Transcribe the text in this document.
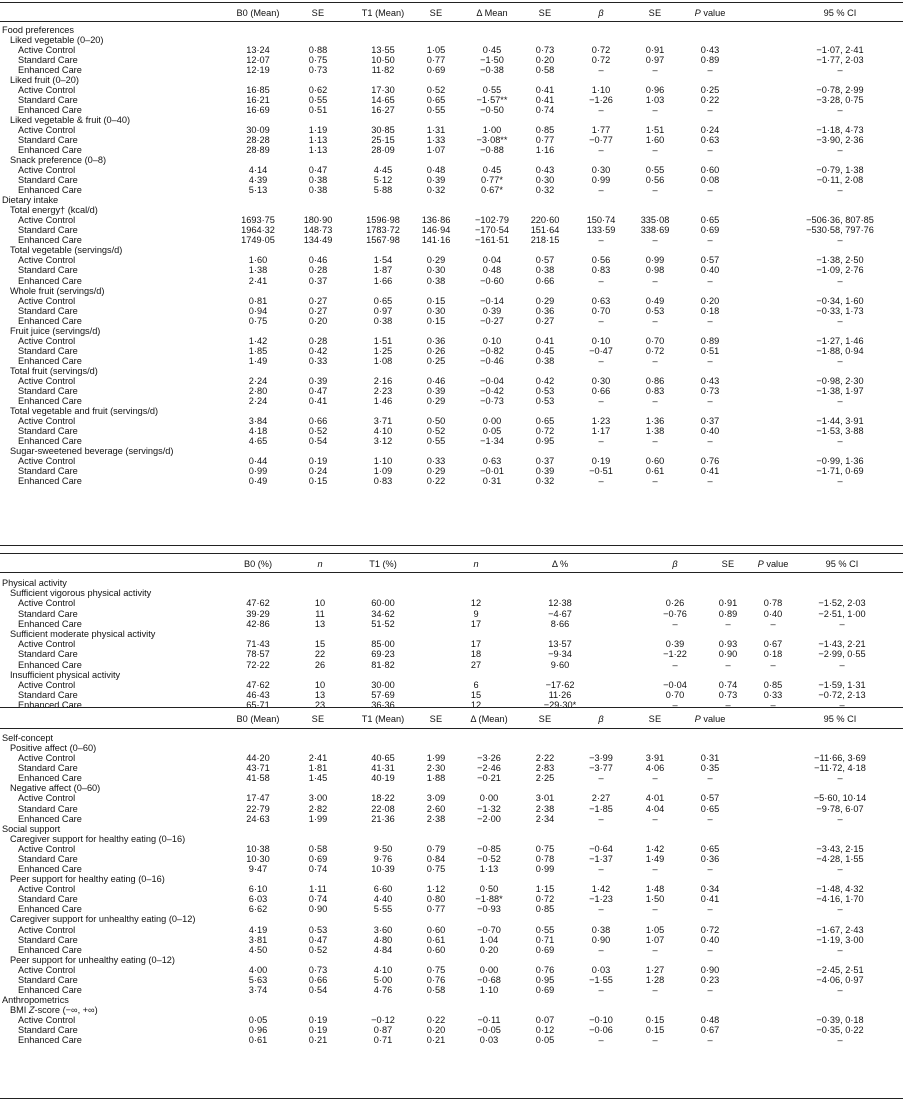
B0 (Mean)	SE	T1 (Mean)	SE	Δ Mean	SE	β	SE	P value	95 % CI
Food preferences
Liked vegetable (0–20)
Active Control	13·24	0·88	13·55	1·05	0·45	0·73	0·72	0·91	0·43	−1·07, 2·41
Standard Care	12·07	0·75	10·50	0·77	−1·50	0·20	0·72	0·97	0·89	−1·77, 2·03
Enhanced Care	12·19	0·73	11·82	0·69	−0·38	0·58	–	–	–	–
Liked fruit (0–20)
Active Control	16·85	0·62	17·30	0·52	0·55	0·41	1·10	0·96	0·25	−0·78, 2·99
Standard Care	16·21	0·55	14·65	0·65	−1·57**	0·41	−1·26	1·03	0·22	−3·28, 0·75
Enhanced Care	16·69	0·51	16·27	0·55	−0·50	0·74	–	–	–	–
Liked vegetable & fruit (0–40)
Active Control	30·09	1·19	30·85	1·31	1·00	0·85	1·77	1·51	0·24	−1·18, 4·73
Standard Care	28·28	1·13	25·15	1·33	−3·08**	0·77	−0·77	1·60	0·63	−3·90, 2·36
Enhanced Care	28·89	1·13	28·09	1·07	−0·88	1·16	–	–	–	–
Snack preference (0–8)
Active Control	4·14	0·47	4·45	0·48	0·45	0·43	0·30	0·55	0·60	−0·79, 1·38
Standard Care	4·39	0·38	5·12	0·39	0·77*	0·30	0·99	0·56	0·08	−0·11, 2·08
Enhanced Care	5·13	0·38	5·88	0·32	0·67*	0·32	–	–	–	–
Dietary intake
Total energy† (kcal/d)
Active Control	1693·75	180·90	1596·98 136·86	−102·79 220·60	150·74	335·08	0·65	−506·36, 807·85
Standard Care	1964·32	148·73	1783·72 146·94	−170·54 151·64	133·59	338·69	0·69	−530·58, 797·76
Enhanced Care	1749·05	134·49	1567·98 141·16	−161·51 218·15	–	–	–	–
Total vegetable (servings/d)
Active Control	1·60	0·46	1·54	0·29	0·04	0·57	0·56	0·99	0·57	−1·38, 2·50
Standard Care	1·38	0·28	1·87	0·30	0·48	0·38	0·83	0·98	0·40	−1·09, 2·76
Enhanced Care	2·41	0·37	1·66	0·38	−0·60	0·66	–	–	–	–
Whole fruit (servings/d)
Active Control	0·81	0·27	0·65	0·15	−0·14	0·29	0·63	0·49	0·20	−0·34, 1·60
Standard Care	0·94	0·27	0·97	0·30	0·39	0·36	0·70	0·53	0·18	−0·33, 1·73
Enhanced Care	0·75	0·20	0·38	0·15	−0·27	0·27	–	–	–	–
Fruit juice (servings/d)
Active Control	1·42	0·28	1·51	0·36	0·10	0·41	0·10	0·70	0·89	−1·27, 1·46
Standard Care	1·85	0·42	1·25	0·26	−0·82	0·45	−0·47	0·72	0·51	−1·88, 0·94
Enhanced Care	1·49	0·33	1·08	0·25	−0·46	0·38	–	–	–	–
Total fruit (servings/d)
Active Control	2·24	0·39	2·16	0·46	−0·04	0·42	0·30	0·86	0·43	−0·98, 2·30
Standard Care	2·80	0·47	2·23	0·39	−0·42	0·53	0·66	0·83	0·73	−1·38, 1·97
Enhanced Care	2·24	0·41	1·46	0·29	−0·73	0·53	–	–	–	–
Total vegetable and fruit (servings/d)
Active Control	3·84	0·66	3·71	0·50	0·00	0·65	1·23	1·36	0·37	−1·44, 3·91
Standard Care	4·18	0·52	4·10	0·52	0·05	0·72	1·17	1·38	0·40	−1·53, 3·88
Enhanced Care	4·65	0·54	3·12	0·55	−1·34	0·95	–	–	–	–
Sugar-sweetened beverage (servings/d)
Active Control	0·44	0·19	1·10	0·33	0·63	0·37	0·19	0·60	0·76	−0·99, 1·36
Standard Care	0·99	0·24	1·09	0·29	−0·01	0·39	−0·51	0·61	0·41	−1·71, 0·69
Enhanced Care	0·49	0·15	0·83	0·22	0·31	0·32	–	–	–	–
B0 (%)	n	T1 (%)	n	Δ %	β	SE	P value	95 % CI
Physical activity
Sufficient vigorous physical activity
Active Control	47·62	10	60·00	12	12·38	0·26	0·91	0·78	−1·52, 2·03
Standard Care	39·29	11	34·62	9	−4·67	−0·76	0·89	0·40	−2·51, 1·00
Enhanced Care	42·86	13	51·52	17	8·66	–	–	–	–
Sufficient moderate physical activity
Active Control	71·43	15	85·00	17	13·57	0·39	0·93	0·67	−1·43, 2·21
Standard Care	78·57	22	69·23	18	−9·34	−1·22	0·90	0·18	−2·99, 0·55
Enhanced Care	72·22	26	81·82	27	9·60	–	–	–	–
Insufficient physical activity
Active Control	47·62	10	30·00	6	−17·62	−0·04	0·74	0·85	−1·59, 1·31
Standard Care	46·43	13	57·69	15	11·26	0·70	0·73	0·33	−0·72, 2·13
Enhanced Care	65·71	23	36·36	12	−29·30*	–	–	–	–
B0 (Mean)	SE	T1 (Mean)	SE	Δ (Mean)	SE	β	SE	P value	95 % CI
Self-concept
Positive affect (0–60)
Active Control	44·20	2·41	40·65	1·99	−3·26	2·22	−3·99	3·91	0·31	−11·66, 3·69
Standard Care	43·71	1·81	41·31	2·30	−2·46	2·83	−3·77	4·06	0·35	−11·72, 4·18
Enhanced Care	41·58	1·45	40·19	1·88	−0·21	2·25	–	–	–	–
Negative affect (0–60)
Active Control	17·47	3·00	18·22	3·09	0·00	3·01	2·27	4·01	0·57	−5·60, 10·14
Standard Care	22·79	2·82	22·08	2·60	−1·32	2·38	−1·85	4·04	0·65	−9·78, 6·07
Enhanced Care	24·63	1·99	21·36	2·38	−2·00	2·34	–	–	–	–
Social support
Caregiver support for healthy eating (0–16)
Active Control	10·38	0·58	9·50	0·79	−0·85	0·75	−0·64	1·42	0·65	−3·43, 2·15
Standard Care	10·30	0·69	9·76	0·84	−0·52	0·78	−1·37	1·49	0·36	−4·28, 1·55
Enhanced Care	9·47	0·74	10·39	0·75	1·13	0·99	–	–	–	–
Peer support for healthy eating (0–16)
Active Control	6·10	1·11	6·60	1·12	0·50	1·15	1·42	1·48	0·34	−1·48, 4·32
Standard Care	6·03	0·74	4·40	0·80	−1·88*	0·72	−1·23	1·50	0·41	−4·16, 1·70
Enhanced Care	6·62	0·90	5·55	0·77	−0·93	0·85	–	–	–	–
Caregiver support for unhealthy eating (0–12)
Active Control	4·19	0·53	3·60	0·60	−0·70	0·55	0·38	1·05	0·72	−1·67, 2·43
Standard Care	3·81	0·47	4·80	0·61	1·04	0·71	0·90	1·07	0·40	−1·19, 3·00
Enhanced Care	4·50	0·52	4·84	0·60	0·20	0·69	–	–	–	–
Peer support for unhealthy eating (0–12)
Active Control	4·00	0·73	4·10	0·75	0·00	0·76	0·03	1·27	0·90	−2·45, 2·51
Standard Care	5·63	0·66	5·00	0·76	−0·68	0·95	−1·55	1·28	0·23	−4·06, 0·97
Enhanced Care	3·74	0·54	4·76	0·58	1·10	0·69	–	–	–	–
Anthropometrics
BMI Z-score (−∞, +∞)
Active Control	0·05	0·19	−0·12	0·22	−0·11	0·07	−0·10	0·15	0·48	−0·39, 0·18
Standard Care	0·96	0·19	0·87	0·20	−0·05	0·12	−0·06	0·15	0·67	−0·35, 0·22
Enhanced Care	0·61	0·21	0·71	0·21	0·03	0·05	–	–	–	–
